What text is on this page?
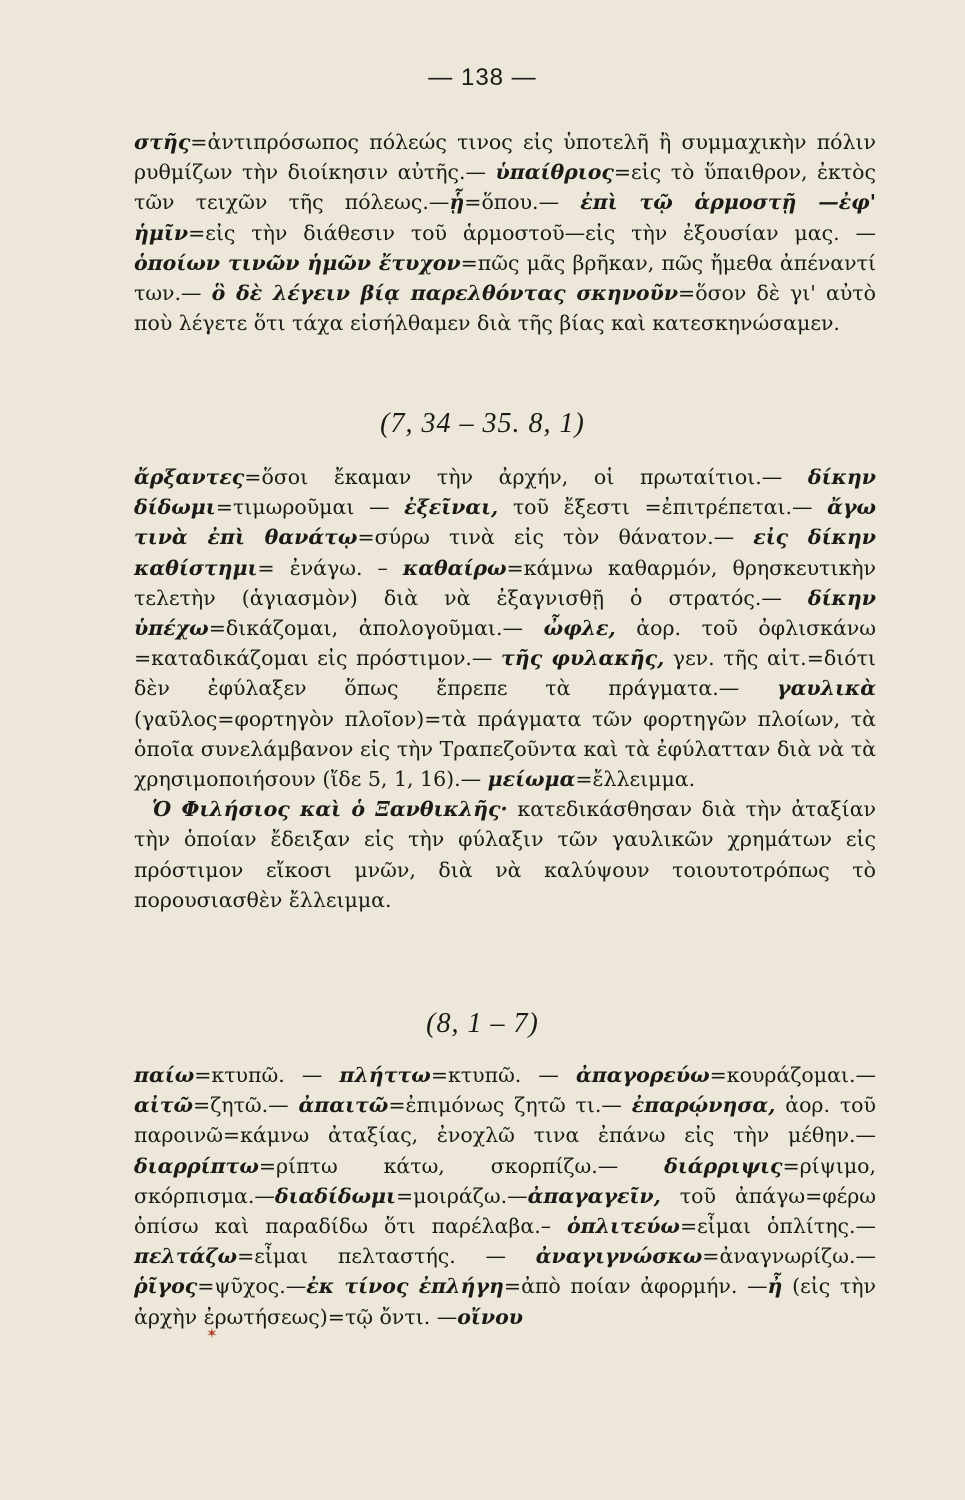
— 138 —

στῆς=ἀντιπρόσωπος πόλεώς τινος εἰς ὑποτελῆ ἢ συμμαχικὴν πόλιν ρυθμίζων τὴν διοίκησιν αὐτῆς.— ὑπαίθριος=εἰς τὸ ὕπαιθρον, ἐκτὸς τῶν τειχῶν τῆς πόλεως.—ᾗ=ὅπου.— ἐπὶ τῷ ἁρμοστῇ —ἐφ' ἡμῖν=εἰς τὴν διάθεσιν τοῦ ἁρμοστοῦ—εἰς τὴν ἐξουσίαν μας. — ὁποίων τινῶν ἡμῶν ἔτυχον=πῶς μᾶς βρῆκαν, πῶς ἤμεθα ἀπέναντί των.— ὃ δὲ λέγειν βίᾳ παρελθόντας σκηνοῦν=ὅσον δὲ γι' αὐτὸ ποὺ λέγετε ὅτι τάχα εἰσήλθαμεν διὰ τῆς βίας καὶ κατεσκηνώσαμεν.

(7, 34 – 35. 8, 1)

ἄρξαντες=ὅσοι ἔκαμαν τὴν ἀρχήν, οἱ πρωταίτιοι.— δίκην δίδωμι=τιμωροῦμαι — ἐξεῖναι, τοῦ ἔξεστι =ἐπιτρέπεται.— ἄγω τινὰ ἐπὶ θανάτῳ=σύρω τινὰ εἰς τὸν θάνατον.— εἰς δίκην καθίστημι= ἐνάγω. – καθαίρω=κάμνω καθαρμόν, θρησκευτικὴν τελετὴν (ἁγιασμὸν) διὰ νὰ ἐξαγνισθῇ ὁ στρατός.— δίκην ὑπέχω=δικάζομαι, ἀπολογοῦμαι.— ὦφλε, ἀορ. τοῦ ὀφλισκάνω =καταδικάζομαι εἰς πρόστιμον.— τῆς φυλακῆς, γεν. τῆς αἰτ.=διότι δὲν ἐφύλαξεν ὅπως ἔπρεπε τὰ πράγματα.— γαυλικὰ (γαῦλος=φορτηγὸν πλοῖον)=τὰ πράγματα τῶν φορτηγῶν πλοίων, τὰ ὁποῖα συνελάμβανον εἰς τὴν Τραπεζοῦντα καὶ τὰ ἐφύλατταν διὰ νὰ τὰ χρησιμοποιήσουν (ἴδε 5, 1, 16).— μείωμα=ἔλλειμμα.

Ὁ Φιλήσιος καὶ ὁ Ξανθικλῆς· κατεδικάσθησαν διὰ τὴν ἀταξίαν τὴν ὁποίαν ἔδειξαν εἰς τὴν φύλαξιν τῶν γαυλικῶν χρημάτων εἰς πρόστιμον εἴκοσι μνῶν, διὰ νὰ καλύψουν τοιουτοτρόπως τὸ πορουσιασθὲν ἔλλειμμα.

(8, 1 – 7)

παίω=κτυπῶ. — πλήττω=κτυπῶ. — ἀπαγορεύω=κουράζομαι.—αἰτῶ=ζητῶ.— ἀπαιτῶ=ἐπιμόνως ζητῶ τι.— ἐπαρῴνησα, ἀορ. τοῦ παροινῶ=κάμνω ἀταξίας, ἐνοχλῶ τινα ἐπάνω εἰς τὴν μέθην.—διαρρίπτω=ρίπτω κάτω, σκορπίζω.— διάρριψις=ρίψιμο, σκόρπισμα.—διαδίδωμι=μοιράζω.—ἀπαγαγεῖν, τοῦ ἀπάγω=φέρω ὀπίσω καὶ παραδίδω ὅτι παρέλαβα.– ὁπλιτεύω=εἶμαι ὁπλίτης.—πελτάζω=εἶμαι πελταστής. — ἀναγιγνώσκω=ἀναγνωρίζω.—ῥῖγος=ψῦχος.—ἐκ τίνος ἐπλήγη=ἀπὸ ποίαν ἀφορμήν. —ἦ (εἰς τὴν ἀρχὴν ἐρωτήσεως)=τῷ ὄντι. —οἴνου

✶
